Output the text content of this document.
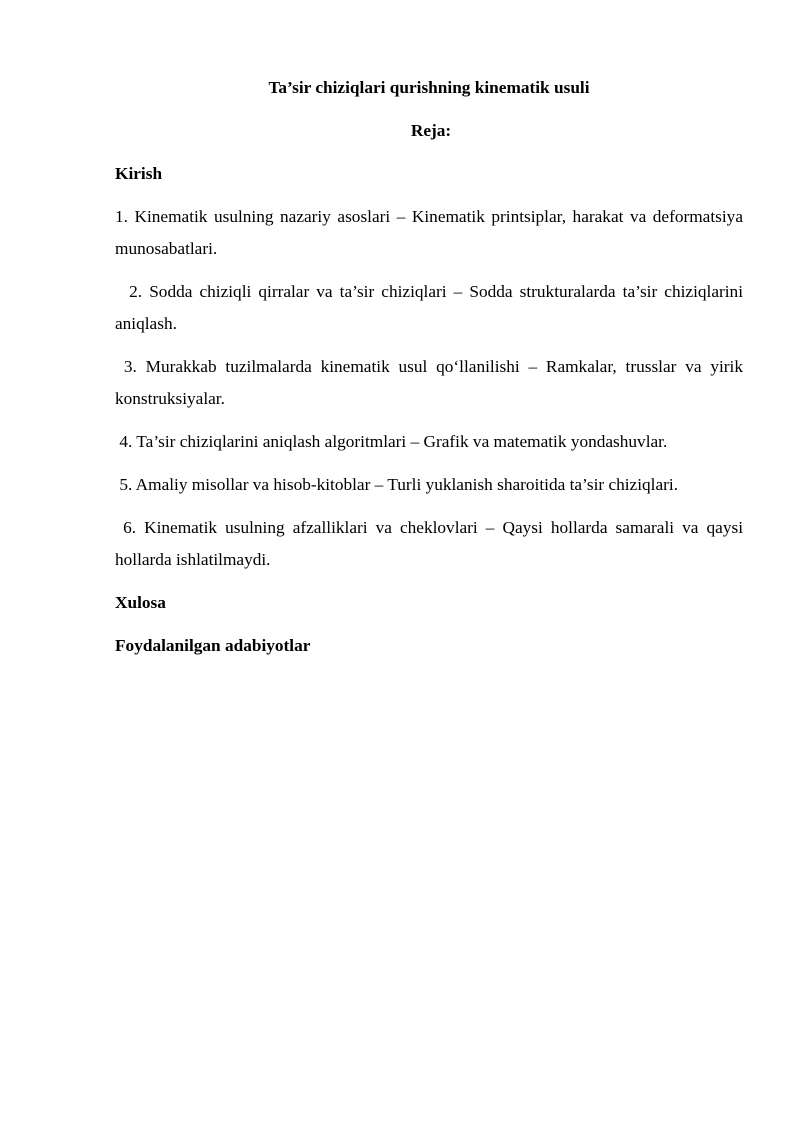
Ta’sir chiziqlari qurishning kinematik usuli

Reja:

Kirish

1. Kinematik usulning nazariy asoslari – Kinematik printsiplar, harakat va deformatsiya munosabatlari.

2. Sodda chiziqli qirralar va ta’sir chiziqlari – Sodda strukturalarda ta’sir chiziqlarini aniqlash.

3. Murakkab tuzilmalarda kinematik usul qo‘llanilishi – Ramkalar, trusslar va yirik konstruksiyalar.

4. Ta’sir chiziqlarini aniqlash algoritmlari – Grafik va matematik yondashuvlar.

5. Amaliy misollar va hisob-kitoblar – Turli yuklanish sharoitida ta’sir chiziqlari.

6. Kinematik usulning afzalliklari va cheklovlari – Qaysi hollarda samarali va qaysi hollarda ishlatilmaydi.

Xulosa

Foydalanilgan adabiyotlar
